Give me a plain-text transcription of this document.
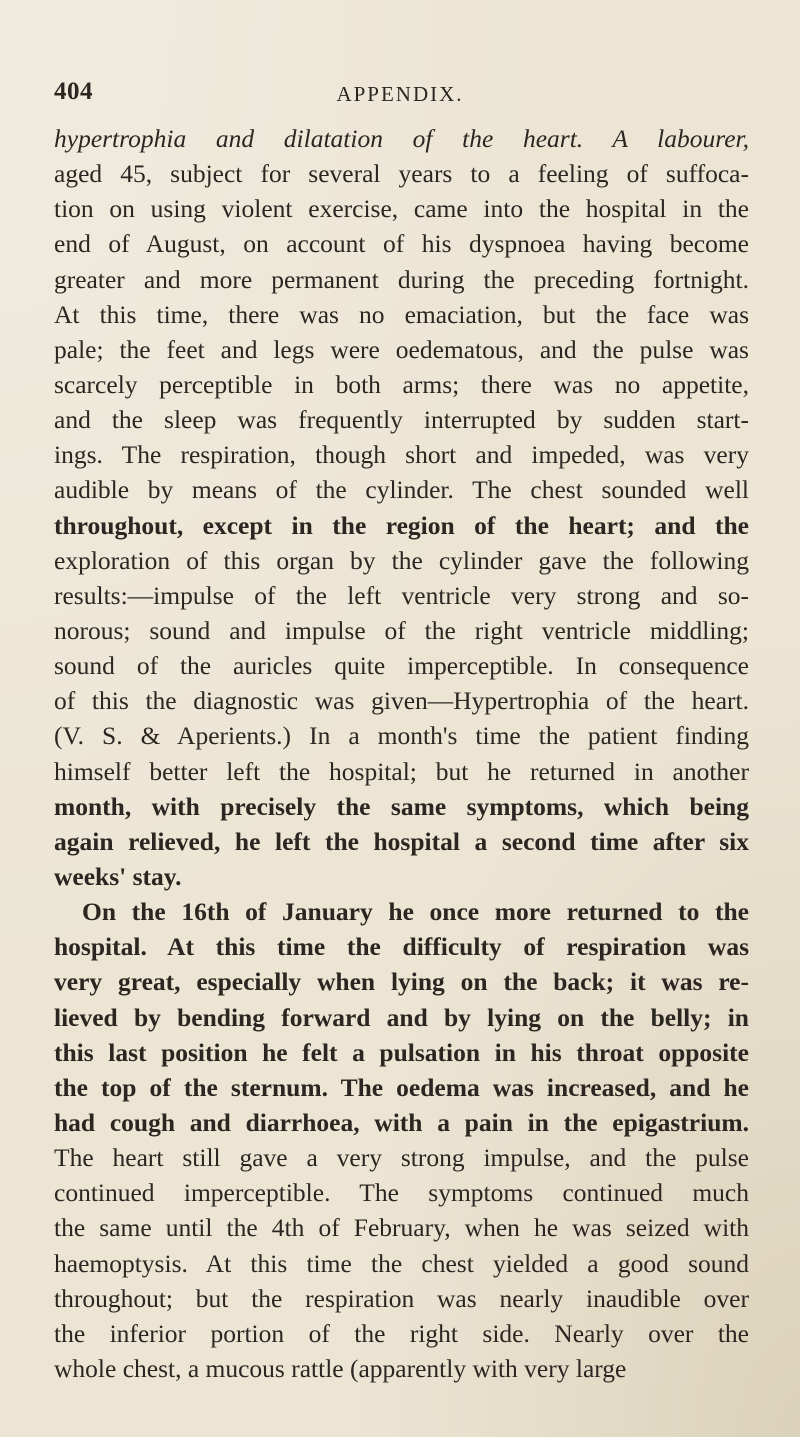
404	APPENDIX.
hypertrophia and dilatation of the heart. A labourer,
aged 45, subject for several years to a feeling of suffoca-
tion on using violent exercise, came into the hospital in the
end of August, on account of his dyspnoea having become
greater and more permanent during the preceding fortnight.
At this time, there was no emaciation, but the face was
pale; the feet and legs were oedematous, and the pulse was
scarcely perceptible in both arms; there was no appetite,
and the sleep was frequently interrupted by sudden start-
ings. The respiration, though short and impeded, was very
audible by means of the cylinder. The chest sounded well
throughout, except in the region of the heart; and the
exploration of this organ by the cylinder gave the following
results:—impulse of the left ventricle very strong and so-
norous; sound and impulse of the right ventricle middling;
sound of the auricles quite imperceptible. In consequence
of this the diagnostic was given—Hypertrophia of the heart.
(V. S. & Aperients.) In a month's time the patient finding
himself better left the hospital; but he returned in another
month, with precisely the same symptoms, which being
again relieved, he left the hospital a second time after six
weeks' stay.
On the 16th of January he once more returned to the
hospital. At this time the difficulty of respiration was
very great, especially when lying on the back; it was re-
lieved by bending forward and by lying on the belly; in
this last position he felt a pulsation in his throat opposite
the top of the sternum. The oedema was increased, and he
had cough and diarrhoea, with a pain in the epigastrium.
The heart still gave a very strong impulse, and the pulse
continued imperceptible. The symptoms continued much
the same until the 4th of February, when he was seized with
haemoptysis. At this time the chest yielded a good sound
throughout; but the respiration was nearly inaudible over
the inferior portion of the right side. Nearly over the
whole chest, a mucous rattle (apparently with very large
